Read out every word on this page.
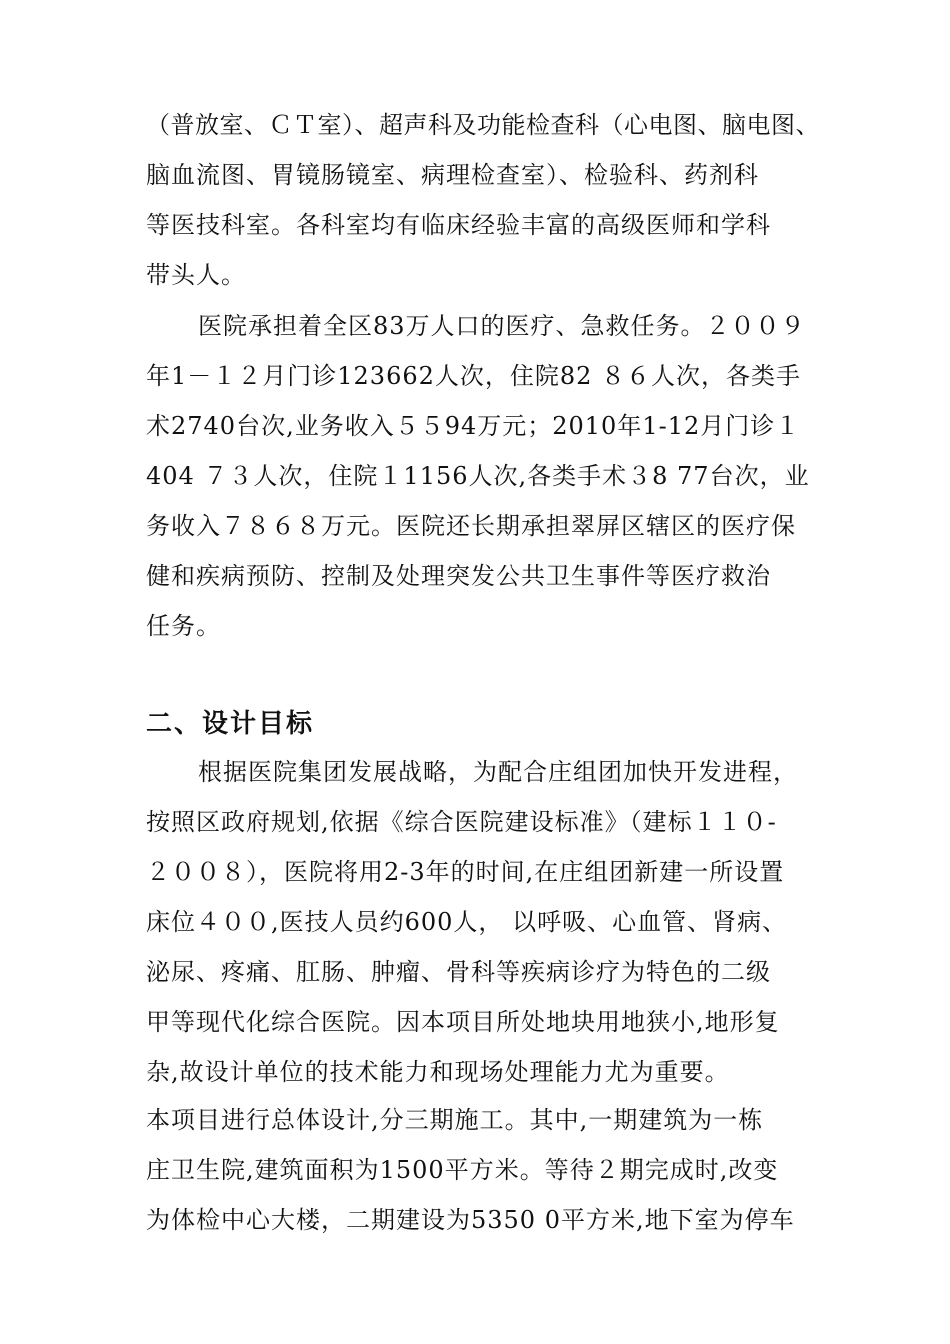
（普放室、ＣＴ室）、超声科及功能检查科（心电图、脑电图、
脑血流图、胃镜肠镜室、病理检查室）、检验科、药剂科
等医技科室。各科室均有临床经验丰富的高级医师和学科
带头人。
医院承担着全区83万人口的医疗、急救任务。２００９
年1－１２月门诊123662人次，住院82 ８６人次，各类手
术2740台次,业务收入５５94万元；2010年1-12月门诊１
404 ７３人次，住院１1156人次,各类手术３8 77台次，业
务收入７８６８万元。医院还长期承担翠屏区辖区的医疗保
健和疾病预防、控制及处理突发公共卫生事件等医疗救治
任务。
二、设计目标
根据医院集团发展战略，为配合庄组团加快开发进程，
按照区政府规划,依据《综合医院建设标准》（建标１１０-
２００８），医院将用2-3年的时间,在庄组团新建一所设置
床位４００,医技人员约600人， 以呼吸、心血管、肾病、
泌尿、疼痛、肛肠、肿瘤、骨科等疾病诊疗为特色的二级
甲等现代化综合医院。因本项目所处地块用地狭小,地形复
杂,故设计单位的技术能力和现场处理能力尤为重要。
本项目进行总体设计,分三期施工。其中,一期建筑为一栋
庄卫生院,建筑面积为1500平方米。等待２期完成时,改变
为体检中心大楼，二期建设为5350 0平方米,地下室为停车
